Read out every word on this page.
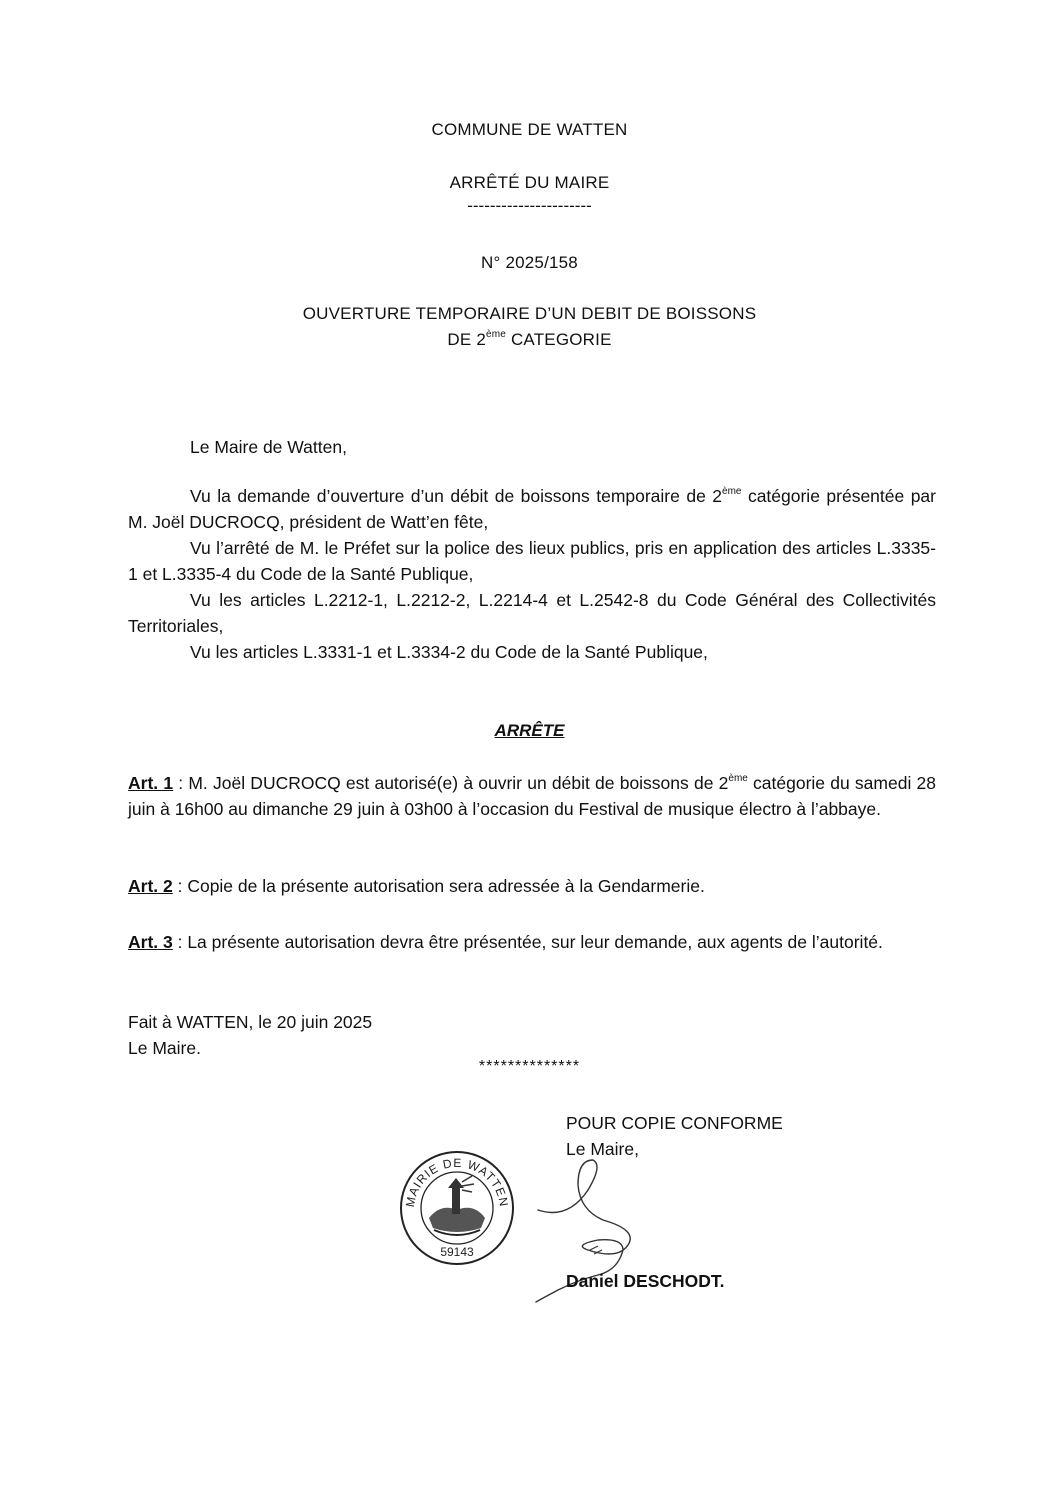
COMMUNE DE WATTEN
ARRÊTÉ DU MAIRE
----------------------
N° 2025/158
OUVERTURE TEMPORAIRE D’UN DEBIT DE BOISSONS
DE 2ème CATEGORIE
Le Maire de Watten,

Vu la demande d’ouverture d’un débit de boissons temporaire de 2ème catégorie présentée par M. Joël DUCROCQ, président de Watt’en fête,

Vu l’arrêté de M. le Préfet sur la police des lieux publics, pris en application des articles L.3335-1 et L.3335-4 du Code de la Santé Publique,

Vu les articles L.2212-1, L.2212-2, L.2214-4 et L.2542-8 du Code Général des Collectivités Territoriales,

Vu les articles L.3331-1 et L.3334-2 du Code de la Santé Publique,

ARRÊTE

Art. 1 : M. Joël DUCROCQ est autorisé(e) à ouvrir un débit de boissons de 2ème catégorie du samedi 28 juin à 16h00 au dimanche 29 juin à 03h00 à l’occasion du Festival de musique électro à l’abbaye.

Art. 2 : Copie de la présente autorisation sera adressée à la Gendarmerie.

Art. 3 : La présente autorisation devra être présentée, sur leur demande, aux agents de l’autorité.

Fait à WATTEN, le 20 juin 2025
Le Maire.
**************
POUR COPIE CONFORME
Le Maire,
MAIRIE DE WATTEN
59143
Daniel DESCHODT.
